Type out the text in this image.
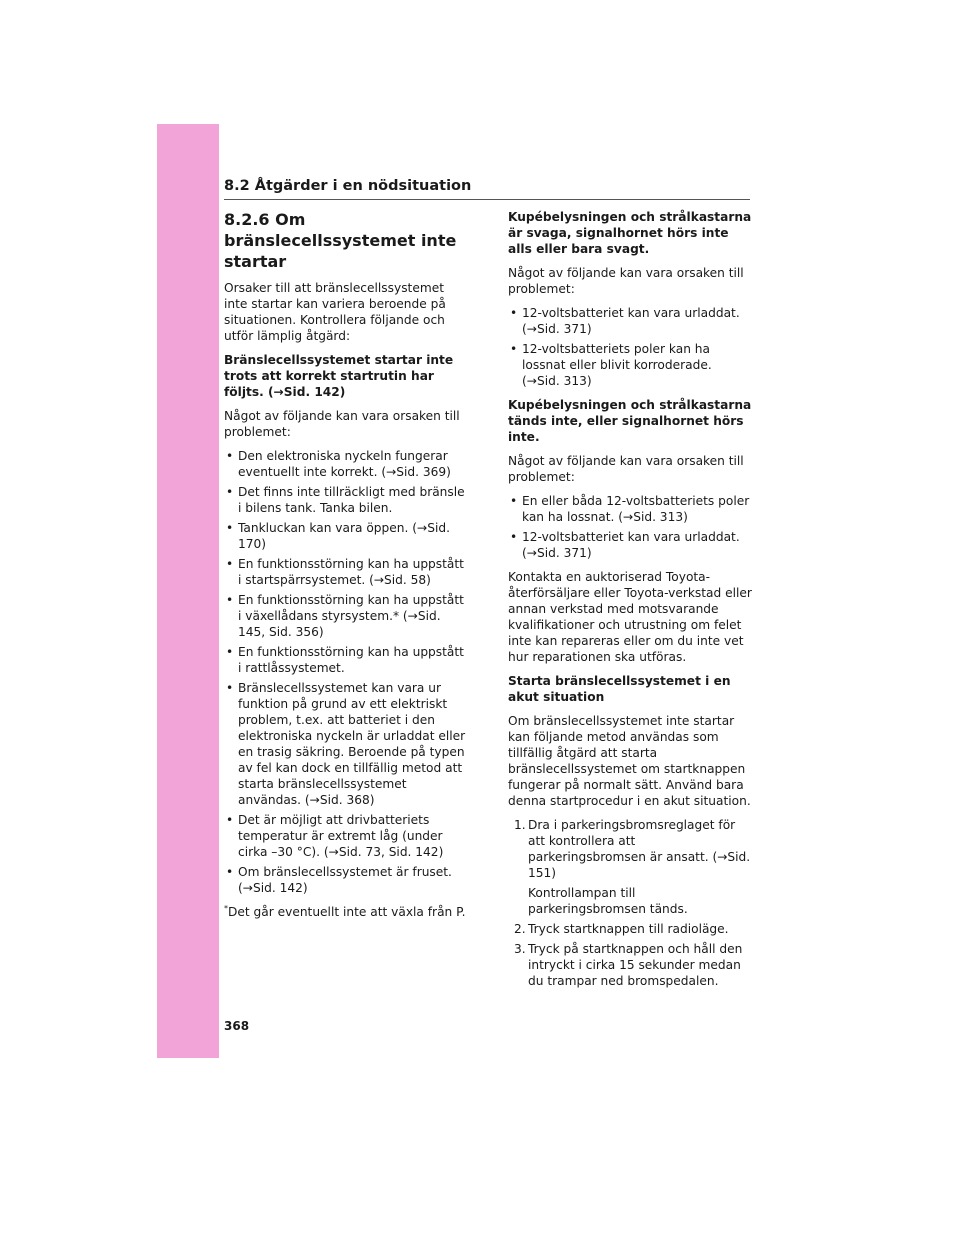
8.2 Åtgärder i en nödsituation
8.2.6 Om bränslecellssystemet inte startar

Orsaker till att bränslecellssystemet inte startar kan variera beroende på situationen. Kontrollera följande och utför lämplig åtgärd:

Bränslecellssystemet startar inte trots att korrekt startrutin har följts. (→Sid. 142)

Något av följande kan vara orsaken till problemet:

• Den elektroniska nyckeln fungerar eventuellt inte korrekt. (→Sid. 369)
• Det finns inte tillräckligt med bränsle i bilens tank. Tanka bilen.
• Tankluckan kan vara öppen. (→Sid. 170)
• En funktionsstörning kan ha uppstått i startspärrsystemet. (→Sid. 58)
• En funktionsstörning kan ha uppstått i växellådans styrsystem.* (→Sid. 145, Sid. 356)
• En funktionsstörning kan ha uppstått i rattlåssystemet.
• Bränslecellssystemet kan vara ur funktion på grund av ett elektriskt problem, t.ex. att batteriet i den elektroniska nyckeln är urladdat eller en trasig säkring. Beroende på typen av fel kan dock en tillfällig metod att starta bränslecellssystemet användas. (→Sid. 368)
• Det är möjligt att drivbatteriets temperatur är extremt låg (under cirka –30 °C). (→Sid. 73, Sid. 142)
• Om bränslecellssystemet är fruset. (→Sid. 142)

*Det går eventuellt inte att växla från P.

Kupébelysningen och strålkastarna är svaga, signalhornet hörs inte alls eller bara svagt.

Något av följande kan vara orsaken till problemet:

• 12-voltsbatteriet kan vara urladdat. (→Sid. 371)
• 12-voltsbatteriets poler kan ha lossnat eller blivit korroderade. (→Sid. 313)

Kupébelysningen och strålkastarna tänds inte, eller signalhornet hörs inte.

Något av följande kan vara orsaken till problemet:

• En eller båda 12-voltsbatteriets poler kan ha lossnat. (→Sid. 313)
• 12-voltsbatteriet kan vara urladdat. (→Sid. 371)

Kontakta en auktoriserad Toyota-återförsäljare eller Toyota-verkstad eller annan verkstad med motsvarande kvalifikationer och utrustning om felet inte kan repareras eller om du inte vet hur reparationen ska utföras.

Starta bränslecellssystemet i en akut situation

Om bränslecellssystemet inte startar kan följande metod användas som tillfällig åtgärd att starta bränslecellssystemet om startknappen fungerar på normalt sätt. Använd bara denna startprocedur i en akut situation.

1. Dra i parkeringsbromsreglaget för att kontrollera att parkeringsbromsen är ansatt. (→Sid. 151)
Kontrollampan till parkeringsbromsen tänds.
2. Tryck startknappen till radioläge.
3. Tryck på startknappen och håll den intryckt i cirka 15 sekunder medan du trampar ned bromspedalen.
368
